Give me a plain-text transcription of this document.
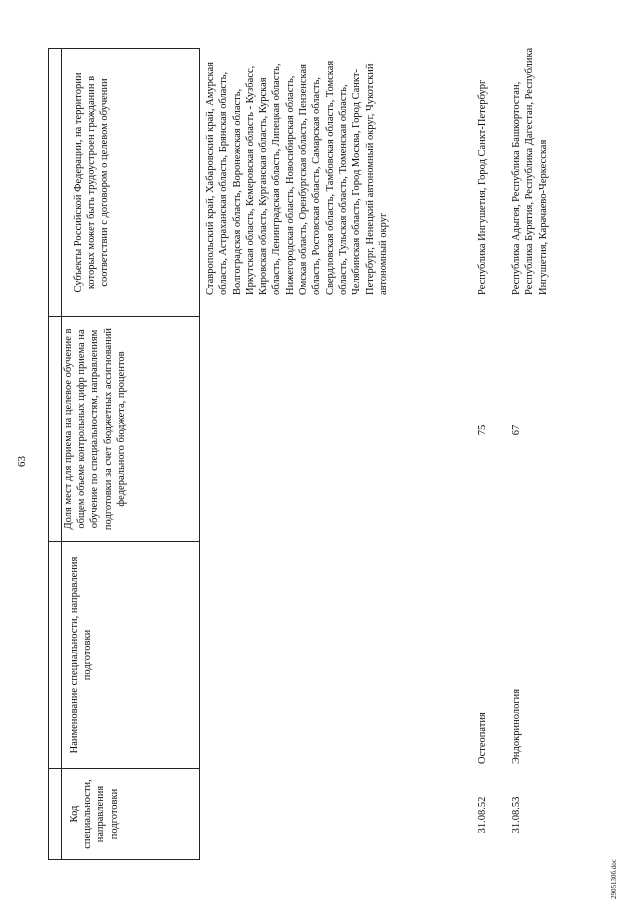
63
Код специальности, направления подготовки
Наименование специальности, направления подготовки
Доля мест для приема на целевое обучение в общем объеме контрольных цифр приема на обучение по специальностям, направлениям подготовки за счет бюджетных ассигнований федерального бюджета, процентов
Субъекты Российской Федерации, на территории которых может быть трудоустроен гражданин в соответствии с договором о целевом обучении	Ставропольский край, Хабаровский край, Амурская область, Астраханская область, Брянская область, Волгоградская область, Воронежская область, Иркутская область, Кемеровская область - Кузбасс, Кировская область, Курганская область, Курская область, Ленинградская область, Липецкая область, Нижегородская область, Новосибирская область, Омская область, Оренбургская область, Пензенская область, Ростовская область, Самарская область, Свердловская область, Тамбовская область, Томская область, Тульская область, Тюменская область, Челябинская область, Город Москва, Город Санкт-Петербург, Ненецкий автономный округ, Чукотский автономный округ
31.08.52
Остеопатия
75
Республика Ингушетия, Город Санкт-Петербург
31.08.53
Эндокринология
67
Республика Адыгея, Республика Башкортостан, Республика Бурятия, Республика Дагестан, Республика Ингушетия, Карачаево-Черкесская
2905130б.doc
